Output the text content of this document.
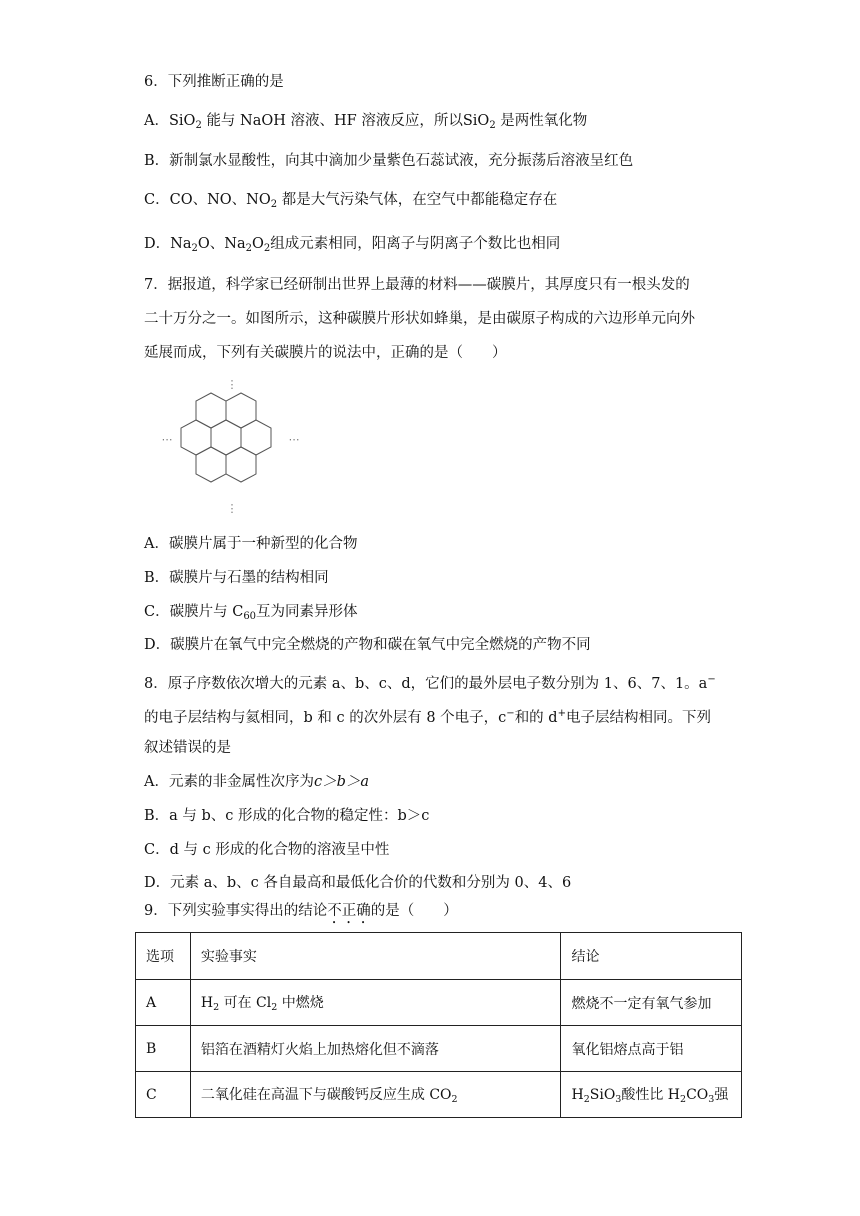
6．下列推断正确的是
A．SiO$_2$ 能与 NaOH 溶液、HF 溶液反应，所以SiO$_2$ 是两性氧化物
B．新制氯水显酸性，向其中滴加少量紫色石蕊试液，充分振荡后溶液呈红色
C．CO、NO、$NO_2$ 都是大气污染气体，在空气中都能稳定存在
D．$Na_2O$、$Na_2O_2$组成元素相同，阳离子与阴离子个数比也相同
7．据报道，科学家已经研制出世界上最薄的材料——碳膜片，其厚度只有一根头发的
二十万分之一。如图所示，这种碳膜片形状如蜂巢，是由碳原子构成的六边形单元向外
延展而成，下列有关碳膜片的说法中，正确的是（　　）
⋮
⋮
⋯	⋯
A．碳膜片属于一种新型的化合物
B．碳膜片与石墨的结构相同
C．碳膜片与 $C_{60}$互为同素异形体
D．碳膜片在氧气中完全燃烧的产物和碳在氧气中完全燃烧的产物不同
8．原子序数依次增大的元素 a、b、c、d，它们的最外层电子数分别为 1、6、7、1。a−
的电子层结构与氦相同，b 和 c 的次外层有 8 个电子，c−和的 d+电子层结构相同。下列
叙述错误的是
A．元素的非金属性次序为c＞b＞a
B．a 与 b、c 形成的化合物的稳定性：b＞c
C．d 与 c 形成的化合物的溶液呈中性
D．元素 a、b、c 各自最高和最低化合价的代数和分别为 0、4、6
9．下列实验事实得出的结论不正确的是（　　）
选项	实验事实	结论
A	$H_2$ 可在 $Cl_2$ 中燃烧	燃烧不一定有氧气参加
B	铝箔在酒精灯火焰上加热熔化但不滴落	氧化铝熔点高于铝
C	二氧化硅在高温下与碳酸钙反应生成 $CO_2$	$H_2SiO_3$酸性比 $H_2CO_3$强
